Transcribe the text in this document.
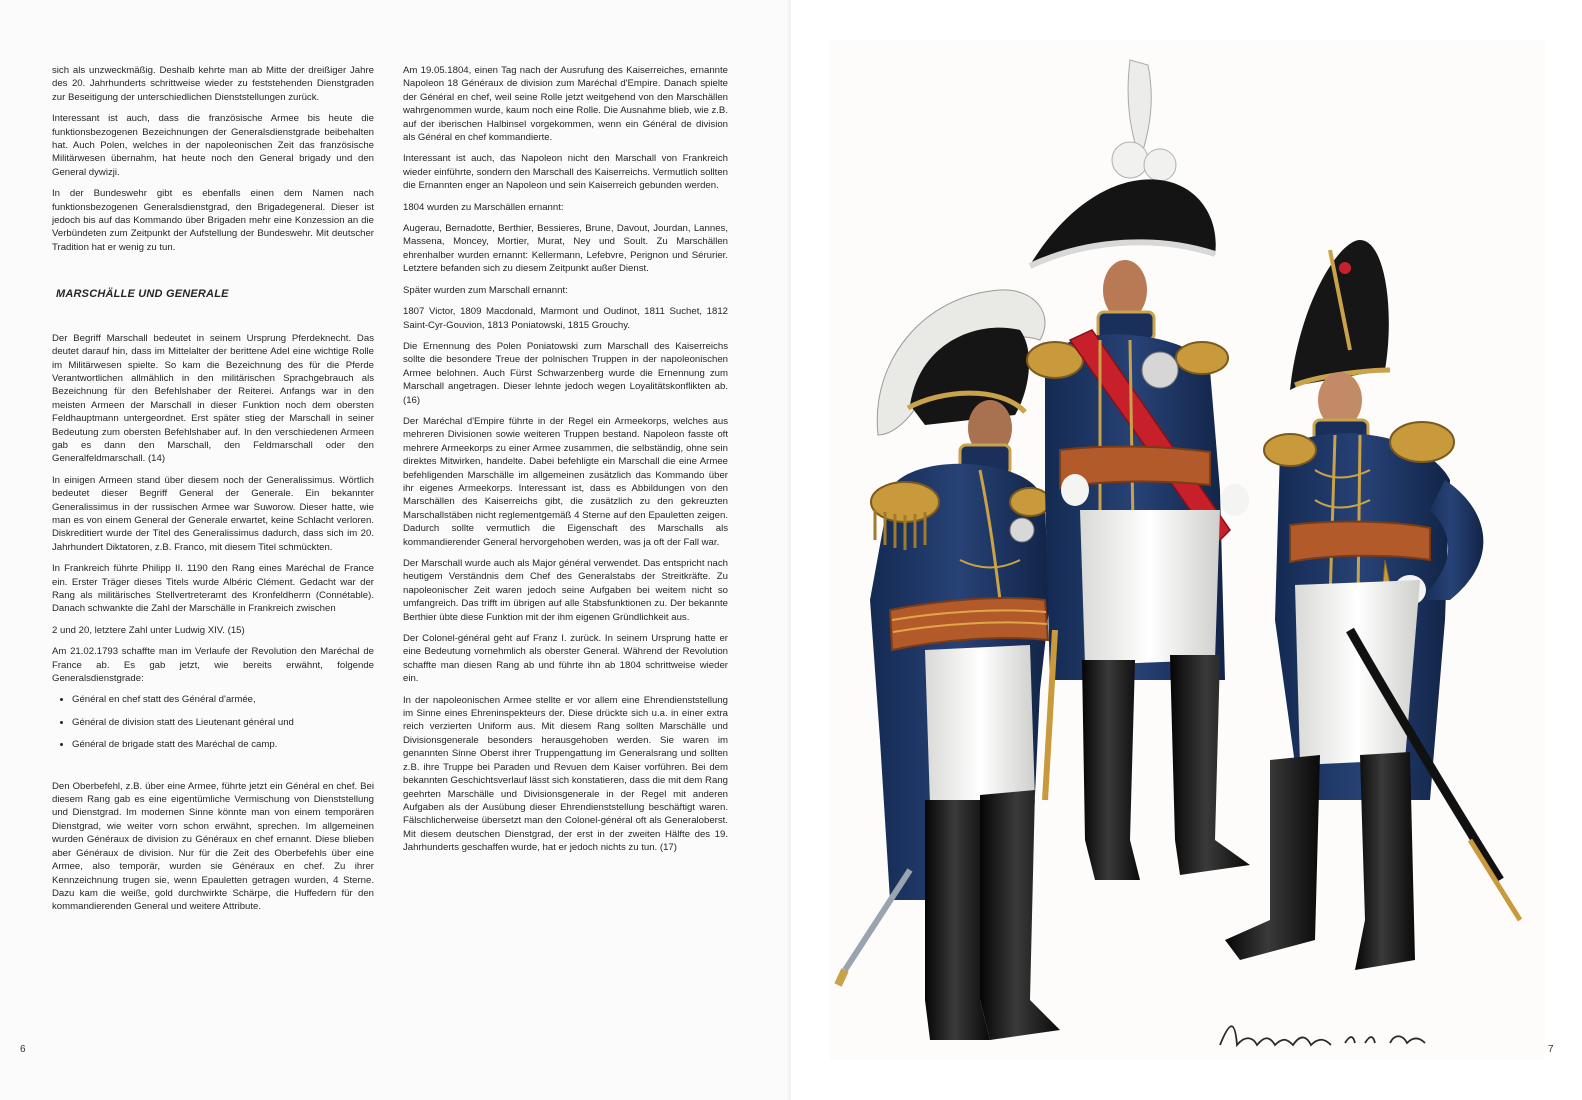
sich als unzweckmäßig. Deshalb kehrte man ab Mitte der dreißiger Jahre des 20. Jahrhunderts schrittweise wieder zu feststehenden Dienstgraden zur Beseitigung der unterschiedlichen Dienststellungen zurück.

Interessant ist auch, dass die französische Armee bis heute die funktionsbezogenen Bezeichnungen der Generalsdienstgrade beibehalten hat. Auch Polen, welches in der napoleonischen Zeit das französische Militärwesen übernahm, hat heute noch den General brigady und den General dywizji.

In der Bundeswehr gibt es ebenfalls einen dem Namen nach funktionsbezogenen Generalsdienstgrad, den Brigadegeneral. Dieser ist jedoch bis auf das Kommando über Brigaden mehr eine Konzession an die Verbündeten zum Zeitpunkt der Aufstellung der Bundeswehr. Mit deutscher Tradition hat er wenig zu tun.

MARSCHÄLLE UND GENERALE

Der Begriff Marschall bedeutet in seinem Ursprung Pferdeknecht. Das deutet darauf hin, dass im Mittelalter der berittene Adel eine wichtige Rolle im Militärwesen spielte. So kam die Bezeichnung des für die Pferde Verantwortlichen allmählich in den militärischen Sprachgebrauch als Bezeichnung für den Befehlshaber der Reiterei. Anfangs war in den meisten Armeen der Marschall in dieser Funktion noch dem obersten Feldhauptmann untergeordnet. Erst später stieg der Marschall in seiner Bedeutung zum obersten Befehlshaber auf. In den verschiedenen Armeen gab es dann den Marschall, den Feldmarschall oder den Generalfeldmarschall. (14)

In einigen Armeen stand über diesem noch der Generalissimus. Wörtlich bedeutet dieser Begriff General der Generale. Ein bekannter Generalissimus in der russischen Armee war Suworow. Dieser hatte, wie man es von einem General der Generale erwartet, keine Schlacht verloren. Diskreditiert wurde der Titel des Generalissimus dadurch, dass sich im 20. Jahrhundert Diktatoren, z.B. Franco, mit diesem Titel schmückten.

In Frankreich führte Philipp II. 1190 den Rang eines Maréchal de France ein. Erster Träger dieses Titels wurde Albéric Clément. Gedacht war der Rang als militärisches Stellvertreteramt des Kronfeldherrn (Connétable). Danach schwankte die Zahl der Marschälle in Frankreich zwischen

2 und 20, letztere Zahl unter Ludwig XIV. (15)

Am 21.02.1793 schaffte man im Verlaufe der Revolution den Maréchal de France ab. Es gab jetzt, wie bereits erwähnt, folgende Generalsdienstgrade:

• Général en chef statt des Général d'armée,
• Général de division statt des Lieutenant général und
• Général de brigade statt des Maréchal de camp.

Den Oberbefehl, z.B. über eine Armee, führte jetzt ein Général en chef. Bei diesem Rang gab es eine eigentümliche Vermischung von Dienststellung und Dienstgrad. Im modernen Sinne könnte man von einem temporären Dienstgrad, wie weiter vorn schon erwähnt, sprechen. Im allgemeinen wurden Généraux de division zu Généraux en chef ernannt. Diese blieben aber Généraux de division. Nur für die Zeit des Oberbefehls über eine Armee, also temporär, wurden sie Généraux en chef. Zu ihrer Kennzeichnung trugen sie, wenn Epauletten getragen wurden, 4 Sterne. Dazu kam die weiße, gold durchwirkte Schärpe, die Huffedern für den kommandierenden General und weitere Attribute.

Am 19.05.1804, einen Tag nach der Ausrufung des Kaiserreiches, ernannte Napoleon 18 Généraux de division zum Maréchal d'Empire. Danach spielte der Général en chef, weil seine Rolle jetzt weitgehend von den Marschällen wahrgenommen wurde, kaum noch eine Rolle. Die Ausnahme blieb, wie z.B. auf der iberischen Halbinsel vorgekommen, wenn ein Général de division als Général en chef kommandierte.

Interessant ist auch, das Napoleon nicht den Marschall von Frankreich wieder einführte, sondern den Marschall des Kaiserreichs. Vermutlich sollten die Ernannten enger an Napoleon und sein Kaiserreich gebunden werden.

1804 wurden zu Marschällen ernannt:

Augerau, Bernadotte, Berthier, Bessieres, Brune, Davout, Jourdan, Lannes, Massena, Moncey, Mortier, Murat, Ney und Soult. Zu Marschällen ehrenhalber wurden ernannt: Kellermann, Lefebvre, Perignon und Sérurier. Letztere befanden sich zu diesem Zeitpunkt außer Dienst.

Später wurden zum Marschall ernannt:

1807 Victor, 1809 Macdonald, Marmont und Oudinot, 1811 Suchet, 1812 Saint-Cyr-Gouvion, 1813 Poniatowski, 1815 Grouchy.

Die Ernennung des Polen Poniatowski zum Marschall des Kaiserreichs sollte die besondere Treue der polnischen Truppen in der napoleonischen Armee belohnen. Auch Fürst Schwarzenberg wurde die Ernennung zum Marschall angetragen. Dieser lehnte jedoch wegen Loyalitätskonflikten ab. (16)

Der Maréchal d'Empire führte in der Regel ein Armeekorps, welches aus mehreren Divisionen sowie weiteren Truppen bestand. Napoleon fasste oft mehrere Armeekorps zu einer Armee zusammen, die selbständig, ohne sein direktes Mitwirken, handelte. Dabei befehligte ein Marschall die eine Armee befehligenden Marschälle im allgemeinen zusätzlich das Kommando über ihr eigenes Armeekorps. Interessant ist, dass es Abbildungen von den Marschällen des Kaiserreichs gibt, die zusätzlich zu den gekreuzten Marschallstäben nicht reglementgemäß 4 Sterne auf den Epauletten zeigen. Dadurch sollte vermutlich die Eigenschaft des Marschalls als kommandierender General hervorgehoben werden, was ja oft der Fall war.

Der Marschall wurde auch als Major général verwendet. Das entspricht nach heutigem Verständnis dem Chef des Generalstabs der Streitkräfte. Zu napoleonischer Zeit waren jedoch seine Aufgaben bei weitem nicht so umfangreich. Das trifft im übrigen auf alle Stabsfunktionen zu. Der bekannte Berthier übte diese Funktion mit der ihm eigenen Gründlichkeit aus.

Der Colonel-général geht auf Franz I. zurück. In seinem Ursprung hatte er eine Bedeutung vornehmlich als oberster General. Während der Revolution schaffte man diesen Rang ab und führte ihn ab 1804 schrittweise wieder ein.

In der napoleonischen Armee stellte er vor allem eine Ehrendienststellung im Sinne eines Ehreninspekteurs der. Diese drückte sich u.a. in einer extra reich verzierten Uniform aus. Mit diesem Rang sollten Marschälle und Divisionsgenerale besonders herausgehoben werden. Sie waren im genannten Sinne Oberst ihrer Truppengattung im Generalsrang und sollten z.B. ihre Truppe bei Paraden und Revuen dem Kaiser vorführen. Bei dem bekannten Geschichtsverlauf lässt sich konstatieren, dass die mit dem Rang geehrten Marschälle und Divisionsgenerale in der Regel mit anderen Aufgaben als der Ausübung dieser Ehrendienststellung beschäftigt waren. Fälschlicherweise übersetzt man den Colonel-général oft als Generaloberst. Mit diesem deutschen Dienstgrad, der erst in der zweiten Hälfte des 19. Jahrhunderts geschaffen wurde, hat er jedoch nichts zu tun. (17)

6	7
